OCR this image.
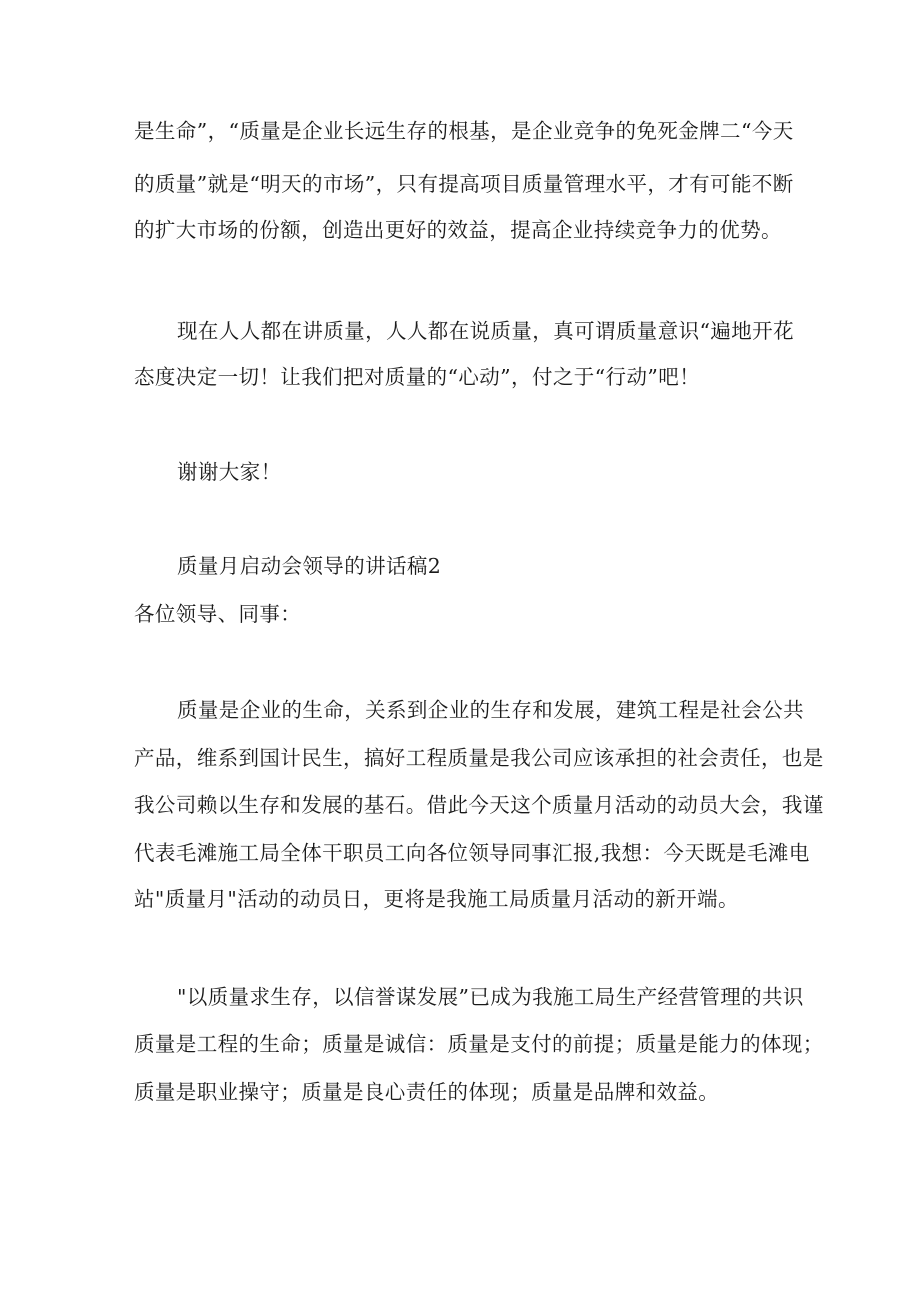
是生命”，“质量是企业长远生存的根基，是企业竞争的免死金牌二“今天
的质量”就是“明天的市场”，只有提高项目质量管理水平，才有可能不断
的扩大市场的份额，创造出更好的效益，提高企业持续竞争力的优势。
现在人人都在讲质量，人人都在说质量，真可谓质量意识“遍地开花
态度决定一切！让我们把对质量的“心动”，付之于“行动”吧！
谢谢大家！
质量月启动会领导的讲话稿2
各位领导、同事：
质量是企业的生命，关系到企业的生存和发展，建筑工程是社会公共
产品，维系到国计民生，搞好工程质量是我公司应该承担的社会责任，也是
我公司赖以生存和发展的基石。借此今天这个质量月活动的动员大会，我谨
代表毛滩施工局全体干职员工向各位领导同事汇报,我想：今天既是毛滩电
站"质量月"活动的动员日，更将是我施工局质量月活动的新开端。
"以质量求生存，以信誉谋发展”已成为我施工局生产经营管理的共识
质量是工程的生命；质量是诚信：质量是支付的前提；质量是能力的体现；
质量是职业操守；质量是良心责任的体现；质量是品牌和效益。
